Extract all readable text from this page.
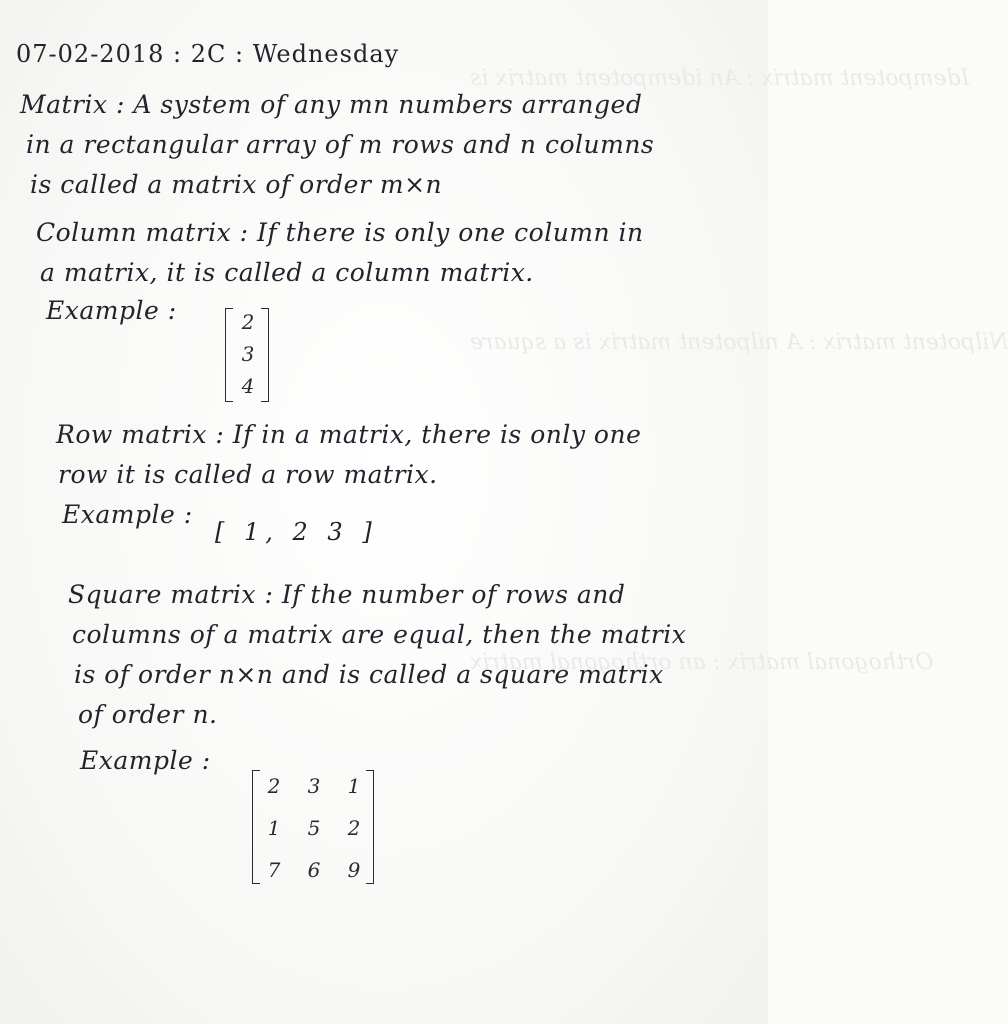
Idempotent matrix : An idempotent matrix is
Nilpotent matrix : A nilpotent matrix is a square
Orthogonal matrix : an orthogonal matrix
07-02-2018 : 2C : Wednesday
Matrix : A system of any mn numbers arranged
in a rectangular array of m rows and n columns
is called a matrix of order m×n
Column matrix : If there is only one column in
a matrix, it is called a column matrix.
Example :	2
3
4
Row matrix : If in a matrix, there is only one
row it is called a row matrix.
Example :
[ 1, 2 3 ]
Square matrix : If the number of rows and
columns of a matrix are equal, then the matrix
is of order n×n and is called a square matrix
of order n.
Example :
2	3	1
1	5	2
7	6	9
